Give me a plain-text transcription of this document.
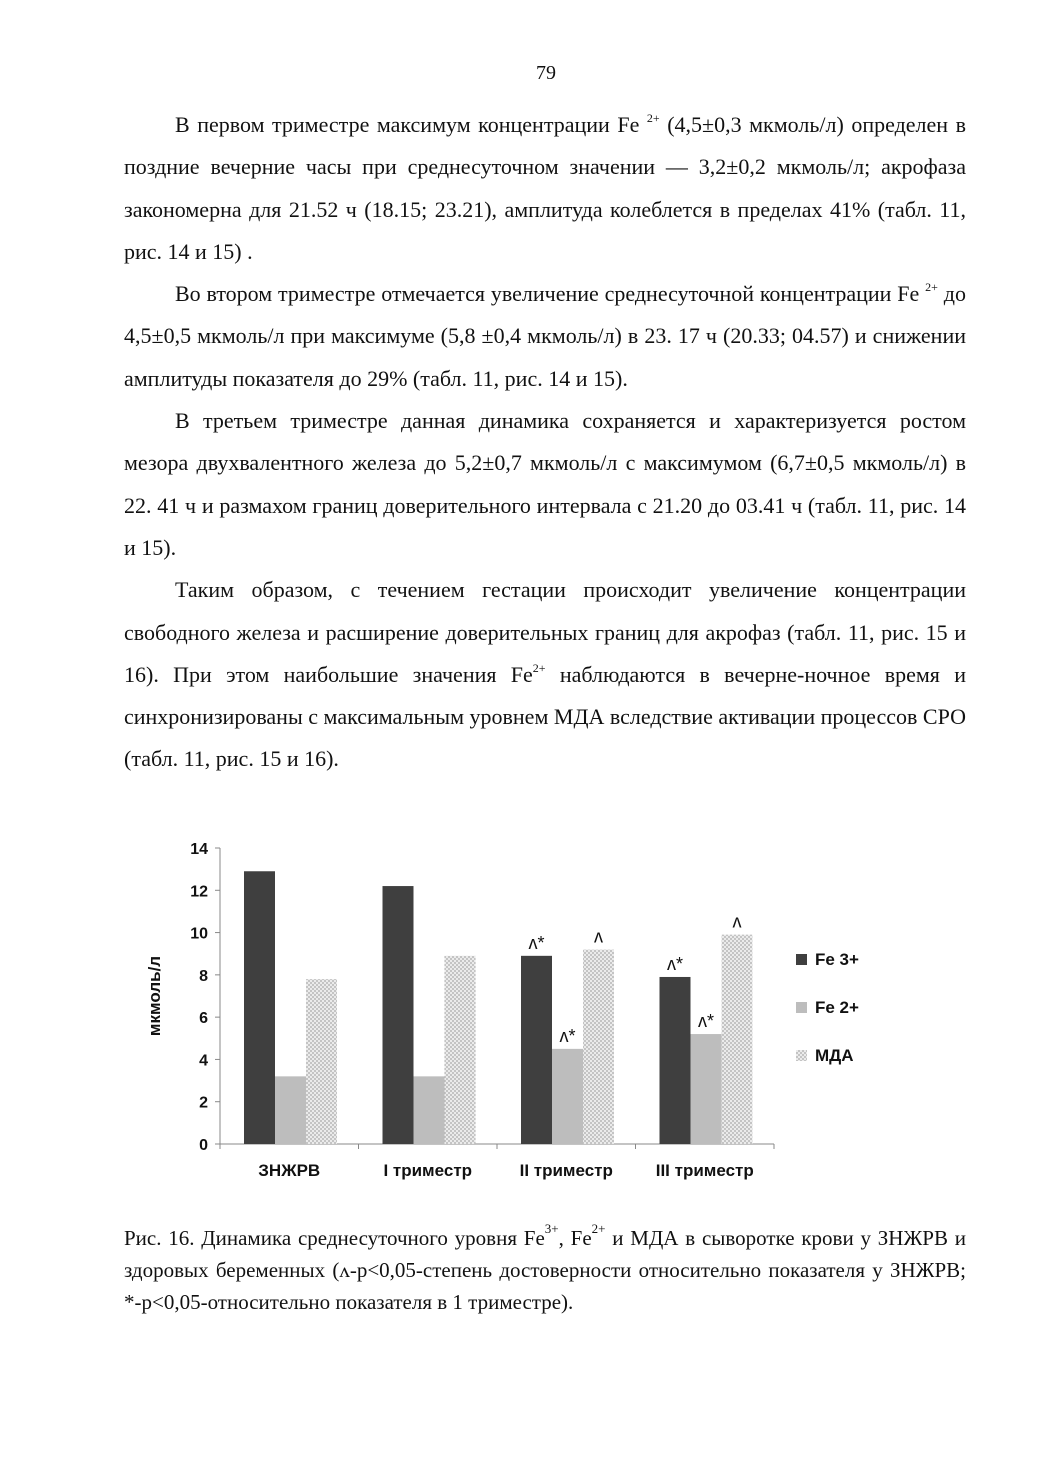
79

В первом триместре максимум концентрации Fe $^{2+}$ (4,5±0,3 мкмоль/л) определен в поздние вечерние часы при среднесуточном значении — 3,2±0,2 мкмоль/л; акрофаза закономерна для 21.52 ч (18.15; 23.21), амплитуда колеблется в пределах 41% (табл. 11, рис. 14 и 15) .

Во втором триместре отмечается увеличение среднесуточной концентрации Fe $^{2+}$ до 4,5±0,5 мкмоль/л при максимуме (5,8 ±0,4 мкмоль/л) в 23. 17 ч (20.33; 04.57) и снижении амплитуды показателя до 29% (табл. 11, рис. 14 и 15).

В третьем триместре данная динамика сохраняется и характеризуется ростом мезора двухвалентного железа до 5,2±0,7 мкмоль/л с максимумом (6,7±0,5 мкмоль/л) в 22. 41 ч и размахом границ доверительного интервала с 21.20 до 03.41 ч (табл. 11, рис. 14 и 15).

Таким образом, с течением гестации происходит увеличение концентрации свободного железа и расширение доверительных границ для акрофаз (табл. 11, рис. 15 и 16). При этом наибольшие значения $Fe^{2+}$ наблюдаются в вечерне-ночное время и синхронизированы с максимальным уровнем МДА вследствие активации процессов СРО (табл. 11, рис. 15 и 16).

0
2
4
6
8
10
12
14
мкмоль/л
ЗНЖРВ	I триместр
ʌ*
ʌ*
ʌ
II триместр
ʌ*
ʌ*
ʌ
III триместр
Fe 3+
Fe 2+
МДА
Рис. 16. Динамика среднесуточного уровня $Fe^{3+}$, $Fe^{2+}$ и МДА в сыворотке крови у ЗНЖРВ и здоровых беременных (ʌ-p<0,05-степень достоверности относительно показателя у ЗНЖРВ; *-p<0,05-относительно показателя в 1 триместре).
